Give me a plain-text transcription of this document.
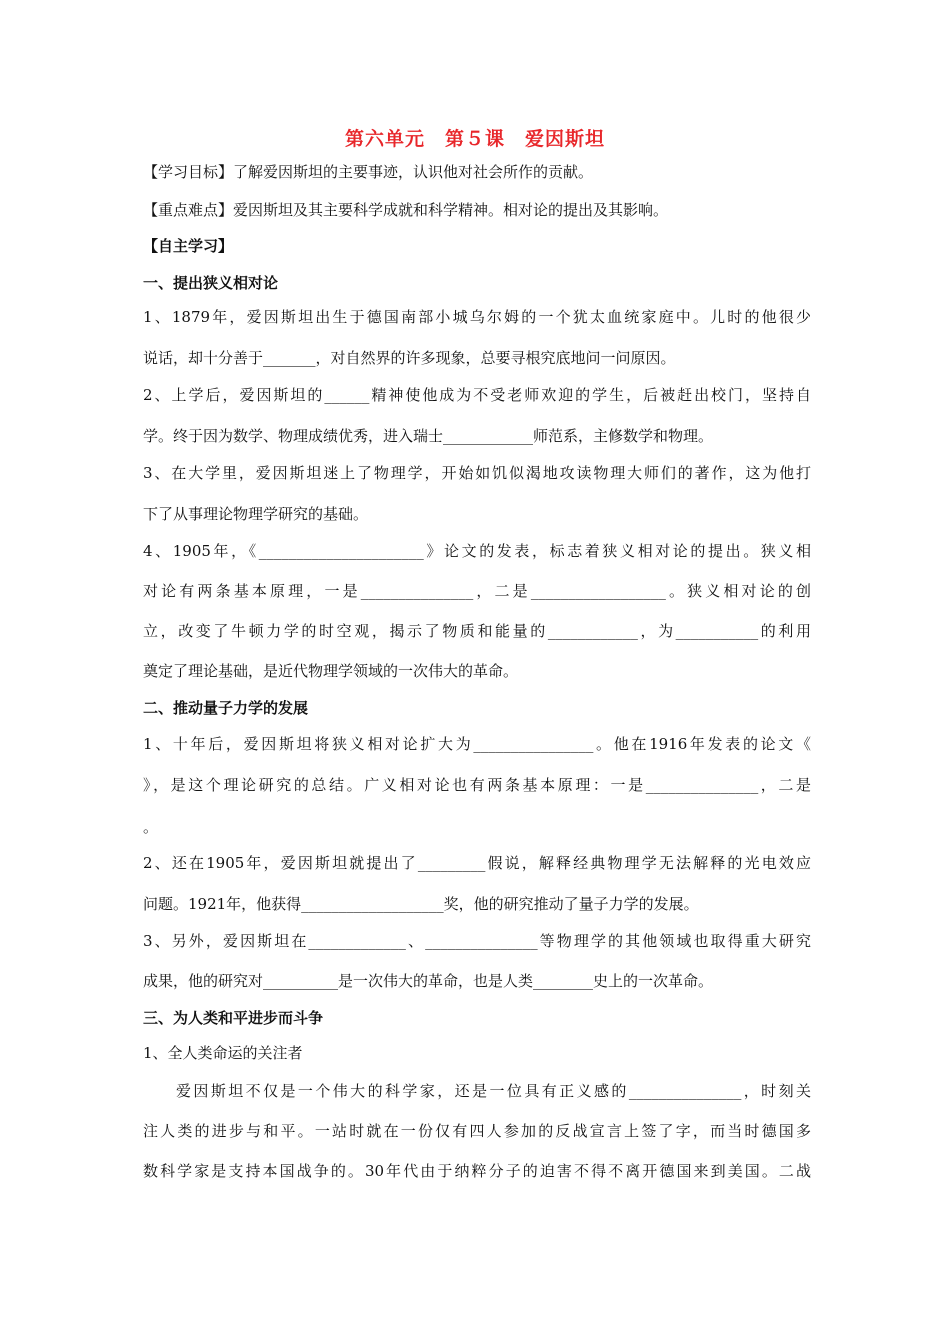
第六单元　第５课　爱因斯坦
【学习目标】了解爱因斯坦的主要事迹，认识他对社会所作的贡献。
【重点难点】爱因斯坦及其主要科学成就和科学精神。相对论的提出及其影响。
【自主学习】
一、提出狭义相对论
1、1879年，爱因斯坦出生于德国南部小城乌尔姆的一个犹太血统家庭中。儿时的他很少
说话，却十分善于_______，对自然界的许多现象，总要寻根究底地问一问原因。
2、上学后，爱因斯坦的______精神使他成为不受老师欢迎的学生，后被赶出校门，坚持自
学。终于因为数学、物理成绩优秀，进入瑞士____________师范系，主修数学和物理。
3、在大学里，爱因斯坦迷上了物理学，开始如饥似渴地攻读物理大师们的著作，这为他打
下了从事理论物理学研究的基础。
4、1905年，《______________________》论文的发表，标志着狭义相对论的提出。狭义相
对论有两条基本原理，一是_______________，二是__________________。狭义相对论的创
立，改变了牛顿力学的时空观，揭示了物质和能量的____________，为___________的利用
奠定了理论基础，是近代物理学领域的一次伟大的革命。
二、推动量子力学的发展
1、十年后，爱因斯坦将狭义相对论扩大为________________。他在1916年发表的论文《
》，是这个理论研究的总结。广义相对论也有两条基本原理：一是_______________，二是
。
2、还在1905年，爱因斯坦就提出了_________假说，解释经典物理学无法解释的光电效应
问题。1921年，他获得___________________奖，他的研究推动了量子力学的发展。
3、另外，爱因斯坦在_____________、_______________等物理学的其他领域也取得重大研究
成果，他的研究对__________是一次伟大的革命，也是人类________史上的一次革命。
三、为人类和平进步而斗争
1、全人类命运的关注者
爱因斯坦不仅是一个伟大的科学家，还是一位具有正义感的_______________，时刻关
注人类的进步与和平。一站时就在一份仅有四人参加的反战宣言上签了字，而当时德国多
数科学家是支持本国战争的。30年代由于纳粹分子的迫害不得不离开德国来到美国。二战
